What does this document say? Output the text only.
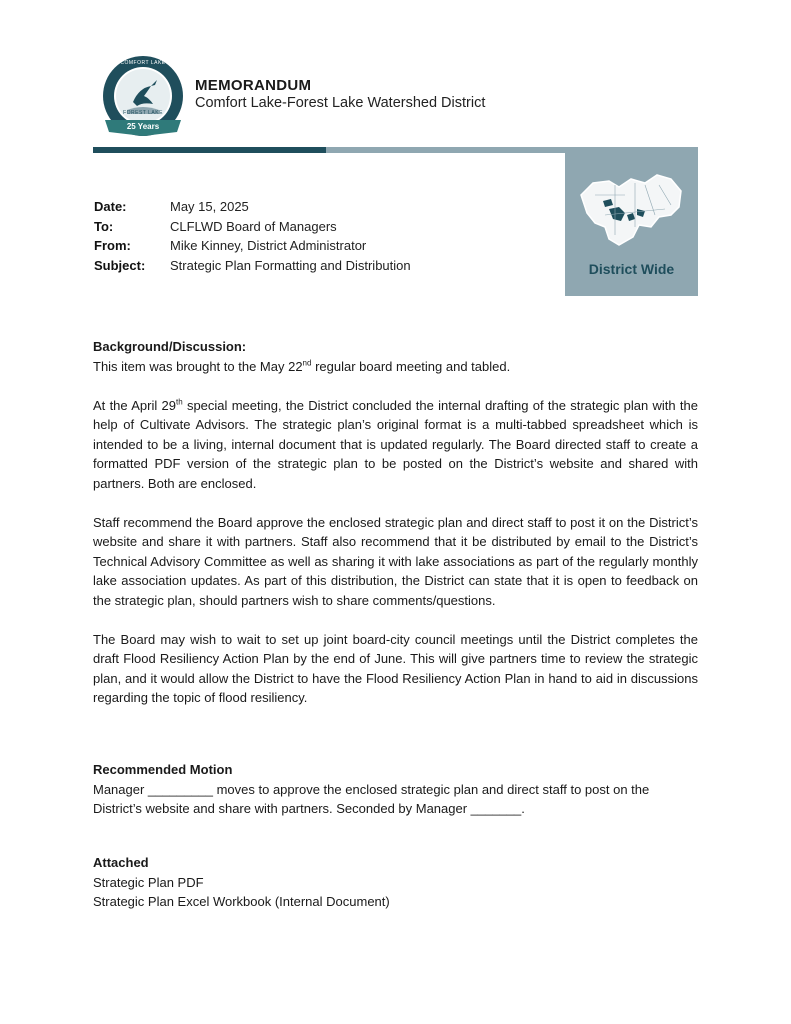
25 Years
COMFORT LAKE
FOREST LAKE
MEMORANDUM
Comfort Lake-Forest Lake Watershed District
District Wide
Date:	May 15, 2025
To:	CLFLWD Board of Managers
From:	Mike Kinney, District Administrator
Subject:	Strategic Plan Formatting and Distribution

Background/Discussion:

This item was brought to the May 22nd regular board meeting and tabled.

At the April 29th special meeting, the District concluded the internal drafting of the strategic plan with the help of Cultivate Advisors. The strategic plan’s original format is a multi-tabbed spreadsheet which is intended to be a living, internal document that is updated regularly. The Board directed staff to create a formatted PDF version of the strategic plan to be posted on the District’s website and shared with partners. Both are enclosed.

Staff recommend the Board approve the enclosed strategic plan and direct staff to post it on the District’s website and share it with partners. Staff also recommend that it be distributed by email to the District’s Technical Advisory Committee as well as sharing it with lake associations as part of the regularly monthly lake association updates. As part of this distribution, the District can state that it is open to feedback on the strategic plan, should partners wish to share comments/questions.

The Board may wish to wait to set up joint board-city council meetings until the District completes the draft Flood Resiliency Action Plan by the end of June. This will give partners time to review the strategic plan, and it would allow the District to have the Flood Resiliency Action Plan in hand to aid in discussions regarding the topic of flood resiliency.

Recommended Motion

Manager _________ moves to approve the enclosed strategic plan and direct staff to post on the District’s website and share with partners. Seconded by Manager _______.

Attached

Strategic Plan PDF

Strategic Plan Excel Workbook (Internal Document)
